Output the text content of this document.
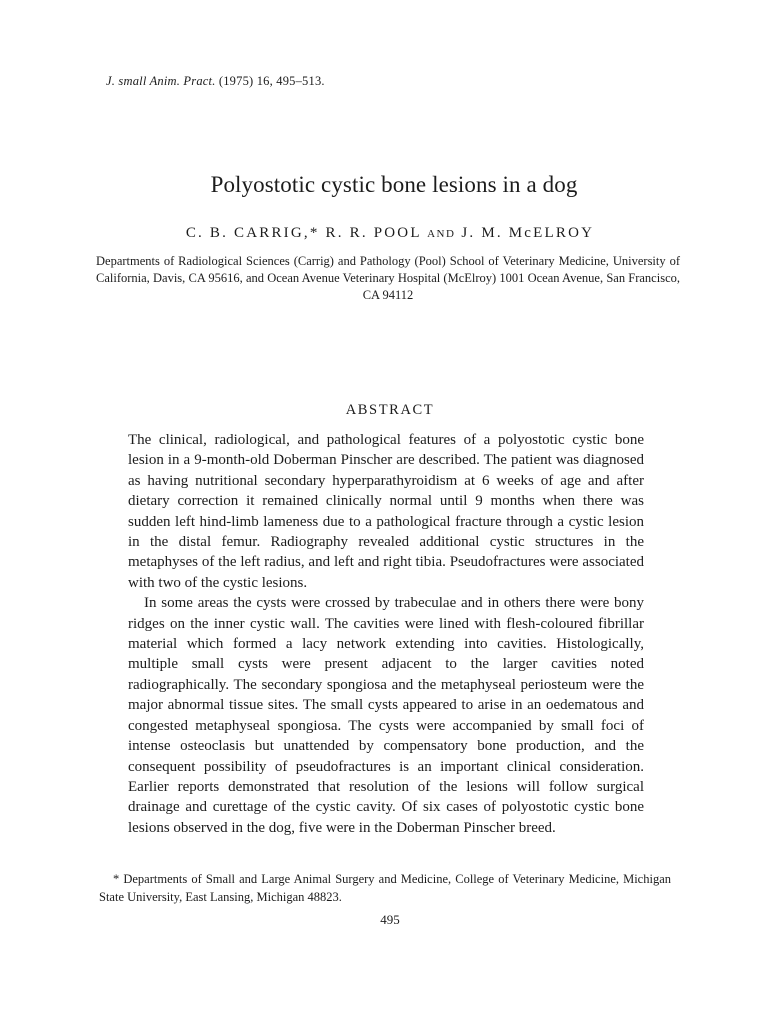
J. small Anim. Pract. (1975) 16, 495–513.
Polyostotic cystic bone lesions in a dog
C. B. CARRIG,* R. R. POOL AND J. M. McELROY
Departments of Radiological Sciences (Carrig) and Pathology (Pool) School of Veterinary Medicine, University of California, Davis, CA 95616, and Ocean Avenue Veterinary Hospital (McElroy) 1001 Ocean Avenue, San Francisco, CA 94112
ABSTRACT

The clinical, radiological, and pathological features of a polyostotic cystic bone lesion in a 9-month-old Doberman Pinscher are described. The patient was diagnosed as having nutritional secondary hyperparathyroidism at 6 weeks of age and after dietary correction it remained clinically normal until 9 months when there was sudden left hind-limb lameness due to a pathological fracture through a cystic lesion in the distal femur. Radiography revealed additional cystic structures in the metaphyses of the left radius, and left and right tibia. Pseudofractures were associated with two of the cystic lesions.

In some areas the cysts were crossed by trabeculae and in others there were bony ridges on the inner cystic wall. The cavities were lined with flesh-coloured fibrillar material which formed a lacy network extending into cavities. Histologically, multiple small cysts were present adjacent to the larger cavities noted radiographically. The secondary spongiosa and the metaphyseal periosteum were the major abnormal tissue sites. The small cysts appeared to arise in an oedematous and congested metaphyseal spongiosa. The cysts were accompanied by small foci of intense osteoclasis but unattended by compensatory bone production, and the consequent possibility of pseudofractures is an important clinical consideration. Earlier reports demonstrated that resolution of the lesions will follow surgical drainage and curettage of the cystic cavity. Of six cases of polyostotic cystic bone lesions observed in the dog, five were in the Doberman Pinscher breed.

* Departments of Small and Large Animal Surgery and Medicine, College of Veterinary Medicine, Michigan State University, East Lansing, Michigan 48823.
495
